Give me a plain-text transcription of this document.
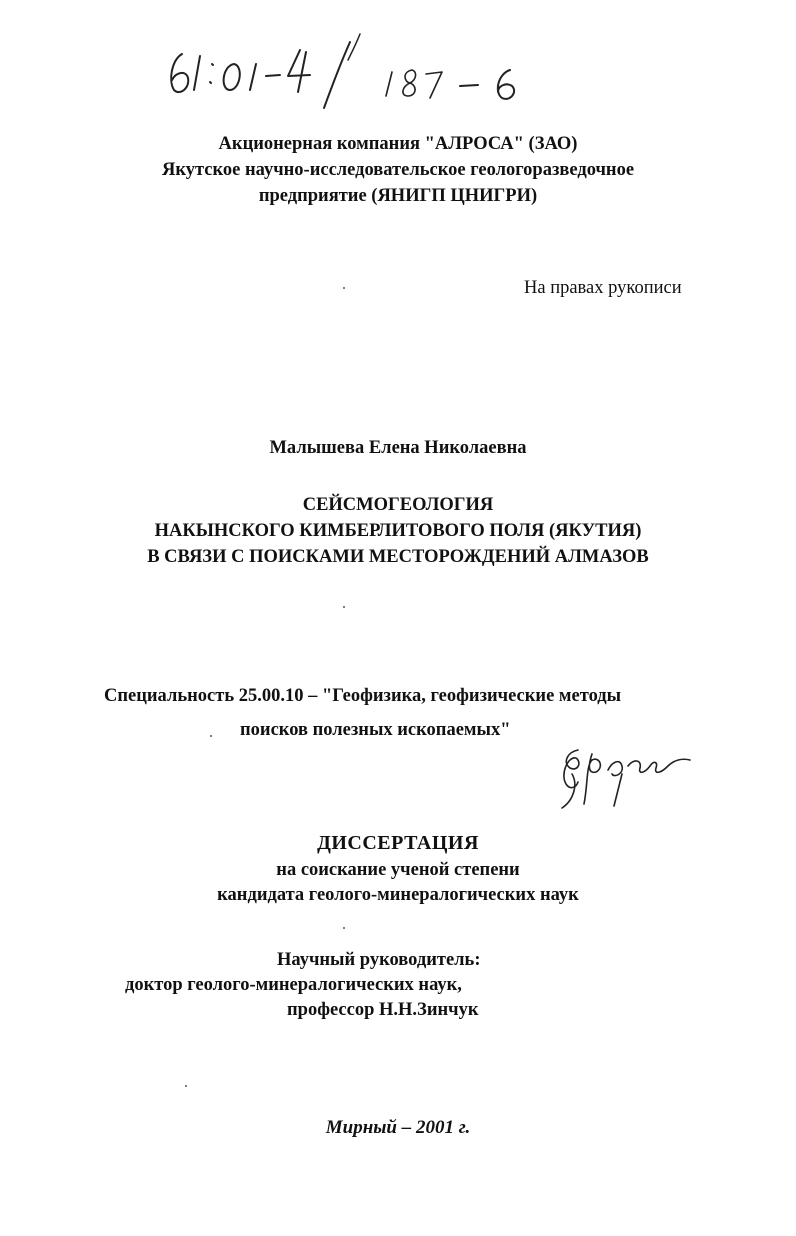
Акционерная компания "АЛРОСА" (ЗАО)
Якутское научно-исследовательское геологоразведочное
предприятие (ЯНИГП ЦНИГРИ)
На правах рукописи
Малышева Елена Николаевна
СЕЙСМОГЕОЛОГИЯ
НАКЫНСКОГО КИМБЕРЛИТОВОГО ПОЛЯ (ЯКУТИЯ)
В СВЯЗИ С ПОИСКАМИ МЕСТОРОЖДЕНИЙ АЛМАЗОВ
Специальность 25.00.10 – "Геофизика, геофизические методы
поисков полезных ископаемых"
ДИССЕРТАЦИЯ
на соискание ученой степени
кандидата геолого-минералогических наук
Научный руководитель:
доктор геолого-минералогических наук,
профессор Н.Н.Зинчук
Мирный – 2001 г.
